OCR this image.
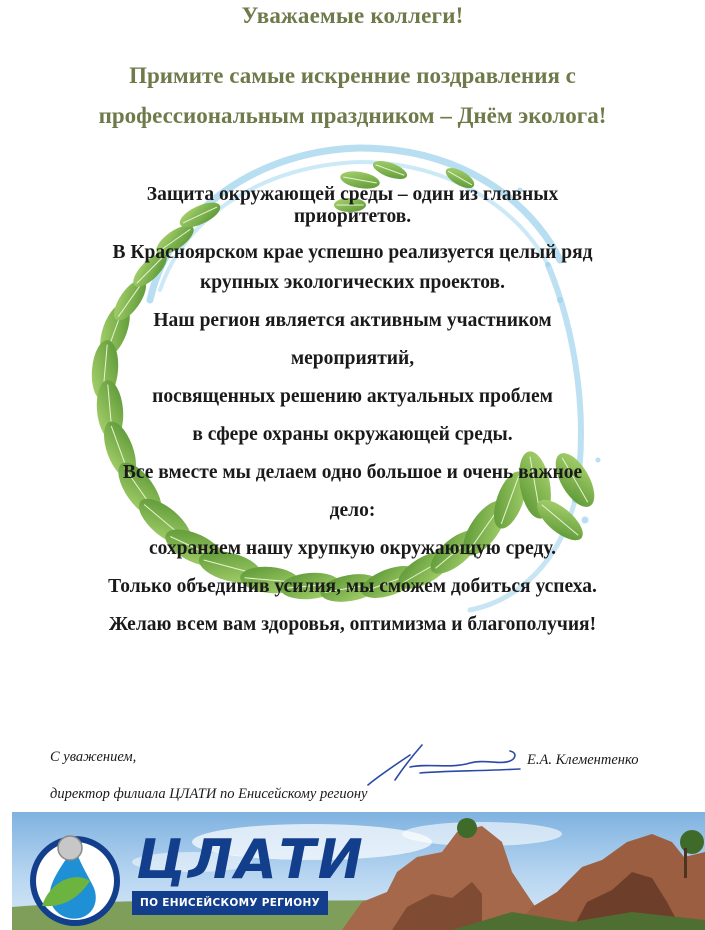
Уважаемые коллеги!
Примите самые искренние поздравления с
профессиональным праздником – Днём эколога!
Защита окружающей среды – один из главных
приоритетов.
В Красноярском крае успешно реализуется целый ряд
крупных экологических проектов.
Наш регион является активным участником
мероприятий,
посвященных решению актуальных проблем
в сфере охраны окружающей среды.
Все вместе мы делаем одно большое и очень важное
дело:
сохраняем нашу хрупкую окружающую среду.
Только объединив усилия, мы сможем добиться успеха.
Желаю всем вам здоровья, оптимизма и благополучия!
С уважением,	Е.А. Клементенко
директор филиала ЦЛАТИ по Енисейскому региону
ЦЛАТИ
ПО ЕНИСЕЙСКОМУ РЕГИОНУ
